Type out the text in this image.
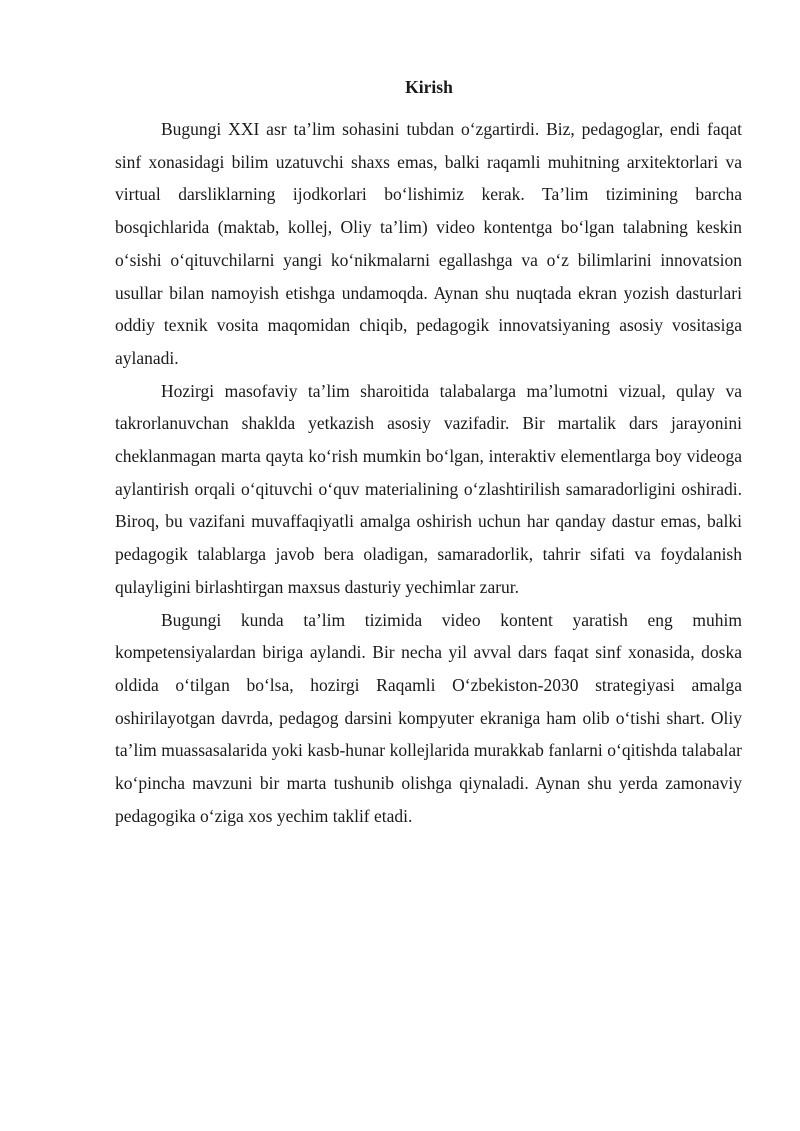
Kirish

Bugungi XXI asr ta’lim sohasini tubdan o‘zgartirdi. Biz, pedagoglar, endi faqat sinf xonasidagi bilim uzatuvchi shaxs emas, balki raqamli muhitning arxitektorlari va virtual darsliklarning ijodkorlari bo‘lishimiz kerak. Ta’lim tizimining barcha bosqichlarida (maktab, kollej, Oliy ta’lim) video kontentga bo‘lgan talabning keskin o‘sishi o‘qituvchilarni yangi ko‘nikmalarni egallashga va o‘z bilimlarini innovatsion usullar bilan namoyish etishga undamoqda. Aynan shu nuqtada ekran yozish dasturlari oddiy texnik vosita maqomidan chiqib, pedagogik innovatsiyaning asosiy vositasiga aylanadi.

Hozirgi masofaviy ta’lim sharoitida talabalarga ma’lumotni vizual, qulay va takrorlanuvchan shaklda yetkazish asosiy vazifadir. Bir martalik dars jarayonini cheklanmagan marta qayta ko‘rish mumkin bo‘lgan, interaktiv elementlarga boy videoga aylantirish orqali o‘qituvchi o‘quv materialining o‘zlashtirilish samaradorligini oshiradi. Biroq, bu vazifani muvaffaqiyatli amalga oshirish uchun har qanday dastur emas, balki pedagogik talablarga javob bera oladigan, samaradorlik, tahrir sifati va foydalanish qulayligini birlashtirgan maxsus dasturiy yechimlar zarur.

Bugungi kunda ta’lim tizimida video kontent yaratish eng muhim kompetensiyalardan biriga aylandi. Bir necha yil avval dars faqat sinf xonasida, doska oldida o‘tilgan bo‘lsa, hozirgi Raqamli O‘zbekiston-2030 strategiyasi amalga oshirilayotgan davrda, pedagog darsini kompyuter ekraniga ham olib o‘tishi shart. Oliy ta’lim muassasalarida yoki kasb-hunar kollejlarida murakkab fanlarni o‘qitishda talabalar ko‘pincha mavzuni bir marta tushunib olishga qiynaladi. Aynan shu yerda zamonaviy pedagogika o‘ziga xos yechim taklif etadi.
